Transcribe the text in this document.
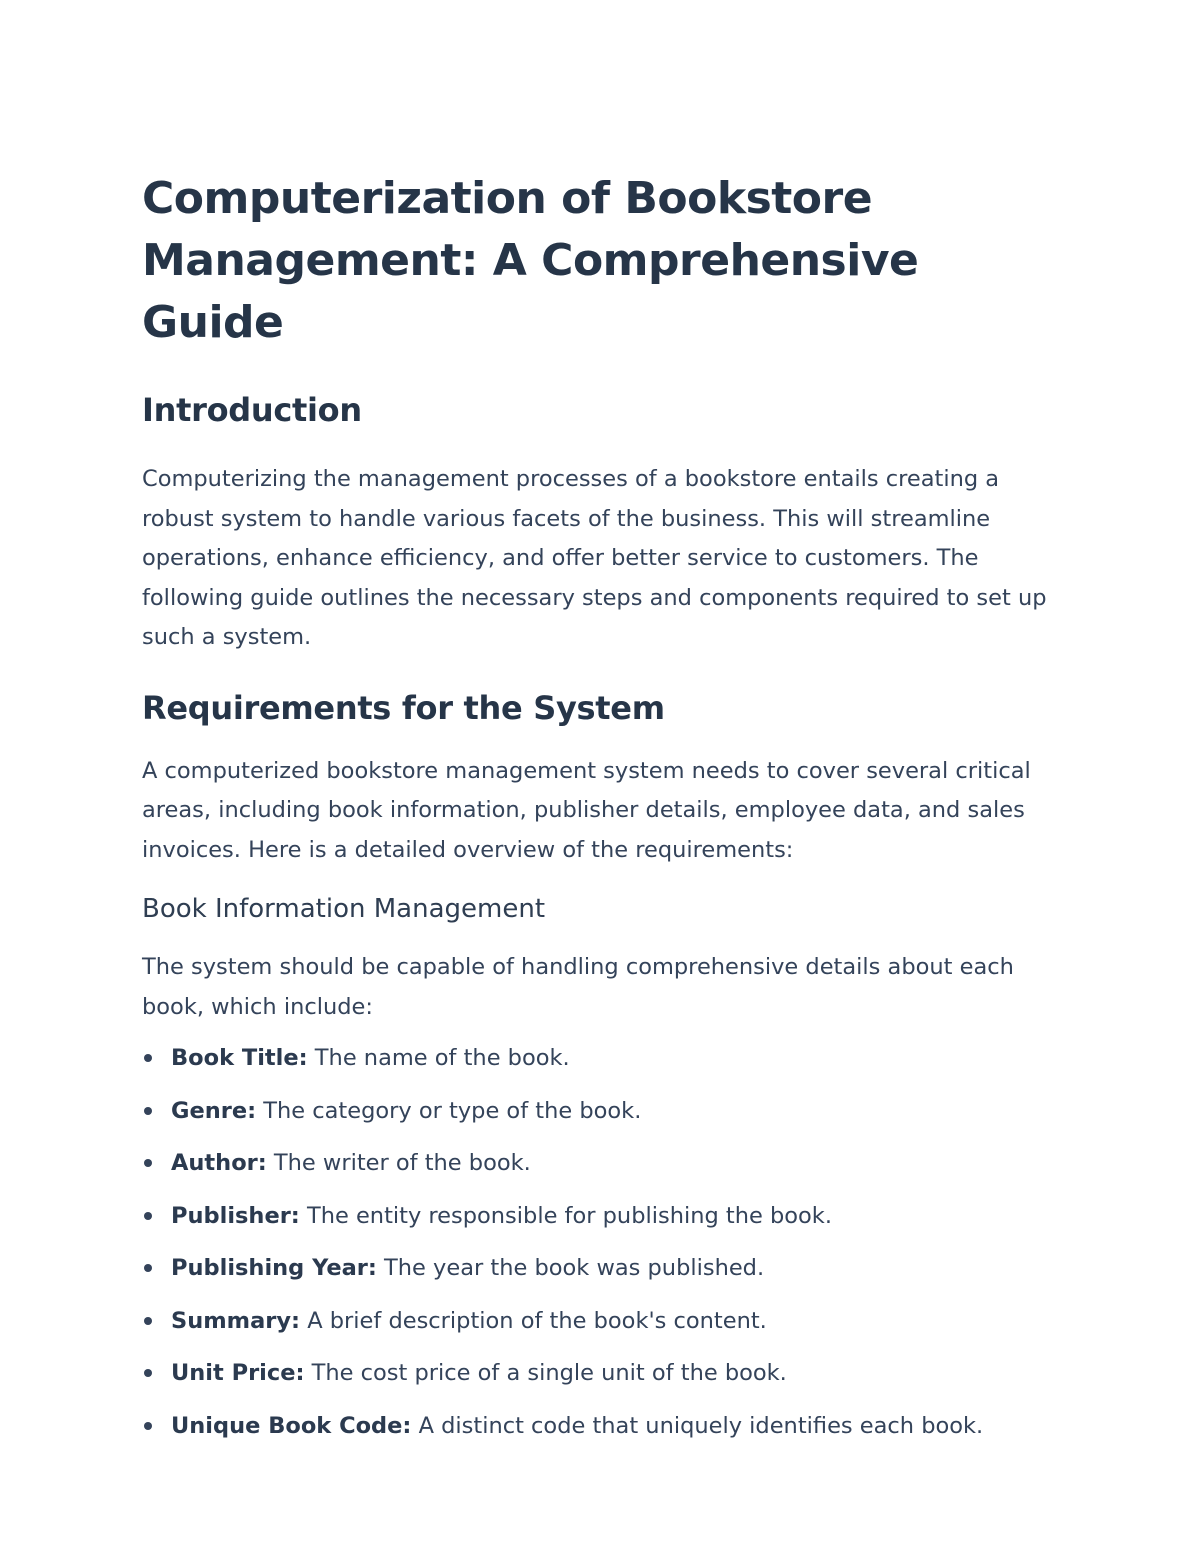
Computerization of Bookstore Management: A Comprehensive Guide
Introduction

Computerizing the management processes of a bookstore entails creating a robust system to handle various facets of the business. This will streamline operations, enhance efficiency, and offer better service to customers. The following guide outlines the necessary steps and components required to set up such a system.

Requirements for the System

A computerized bookstore management system needs to cover several critical areas, including book information, publisher details, employee data, and sales invoices. Here is a detailed overview of the requirements:

Book Information Management

The system should be capable of handling comprehensive details about each book, which include:

Book Title: The name of the book.
Genre: The category or type of the book.
Author: The writer of the book.
Publisher: The entity responsible for publishing the book.
Publishing Year: The year the book was published.
Summary: A brief description of the book's content.
Unit Price: The cost price of a single unit of the book.
Unique Book Code: A distinct code that uniquely identifies each book.
